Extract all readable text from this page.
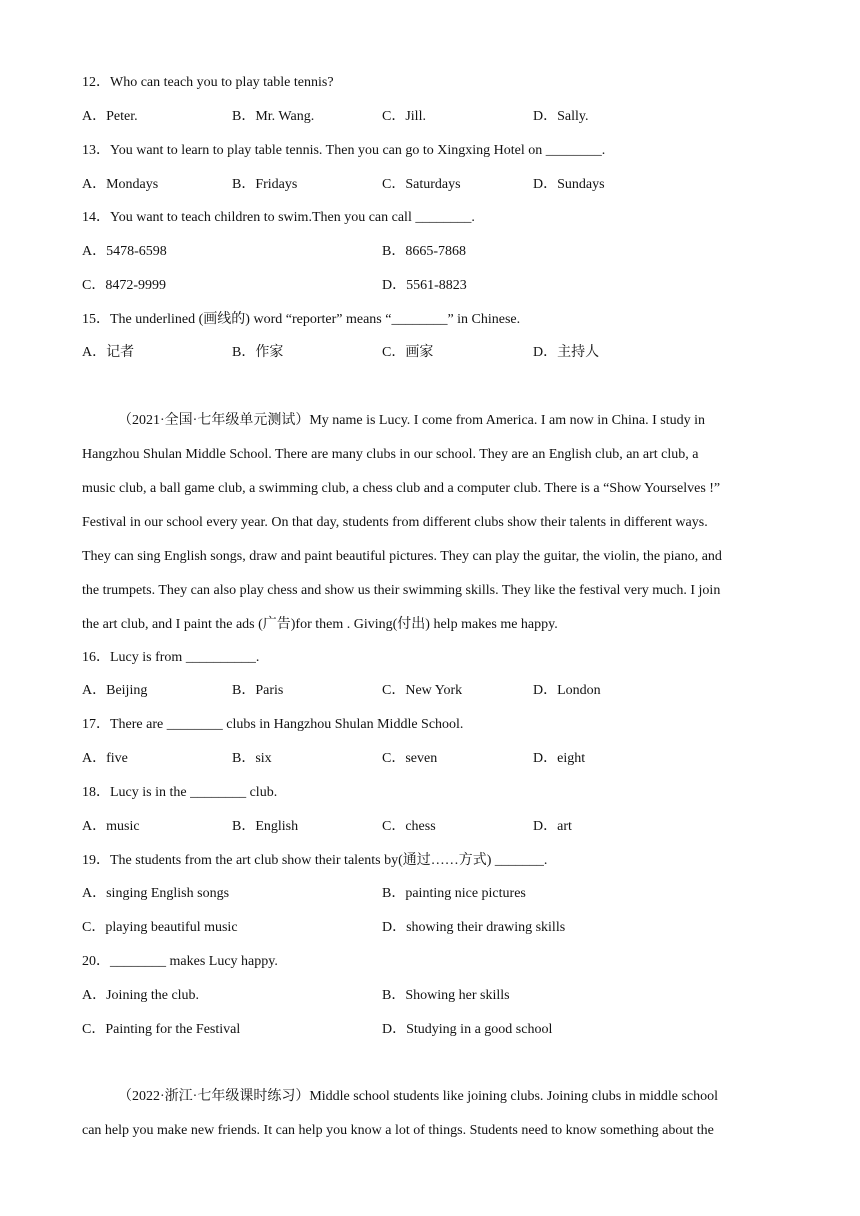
12．Who can teach you to play table tennis?
A．Peter.	B．Mr. Wang.	C．Jill.	D．Sally.
13．You want to learn to play table tennis. Then you can go to Xingxing Hotel on ________.
A．Mondays	B．Fridays	C．Saturdays	D．Sundays
14．You want to teach children to swim.Then you can call ________.
A．5478-6598	B．8665-7868
C．8472-9999	D．5561-8823
15．The underlined (画线的) word “reporter” means “________” in Chinese.
A．记者	B．作家	C．画家	D．主持人
（2021·全国·七年级单元测试）My name is Lucy. I come from America. I am now in China. I study in
Hangzhou Shulan Middle School. There are many clubs in our school. They are an English club, an art club, a
music club, a ball game club, a swimming club, a chess club and a computer club. There is a “Show Yourselves !”
Festival in our school every year. On that day, students from different clubs show their talents in different ways.
They can sing English songs, draw and paint beautiful pictures. They can play the guitar, the violin, the piano, and
the trumpets. They can also play chess and show us their swimming skills. They like the festival very much. I join
the art club, and I paint the ads (广告)for them . Giving(付出) help makes me happy.
16．Lucy is from __________.
A．Beijing	B．Paris	C．New York	D．London
17．There are ________ clubs in Hangzhou Shulan Middle School.
A．five	B．six	C．seven	D．eight
18．Lucy is in the ________ club.
A．music	B．English	C．chess	D．art
19．The students from the art club show their talents by(通过……方式) _______.
A．singing English songs	B．painting nice pictures
C．playing beautiful music	D．showing their drawing skills
20．________ makes Lucy happy.
A．Joining the club.	B．Showing her skills
C．Painting for the Festival	D．Studying in a good school
（2022·浙江·七年级课时练习）Middle school students like joining clubs. Joining clubs in middle school
can help you make new friends. It can help you know a lot of things. Students need to know something about the
